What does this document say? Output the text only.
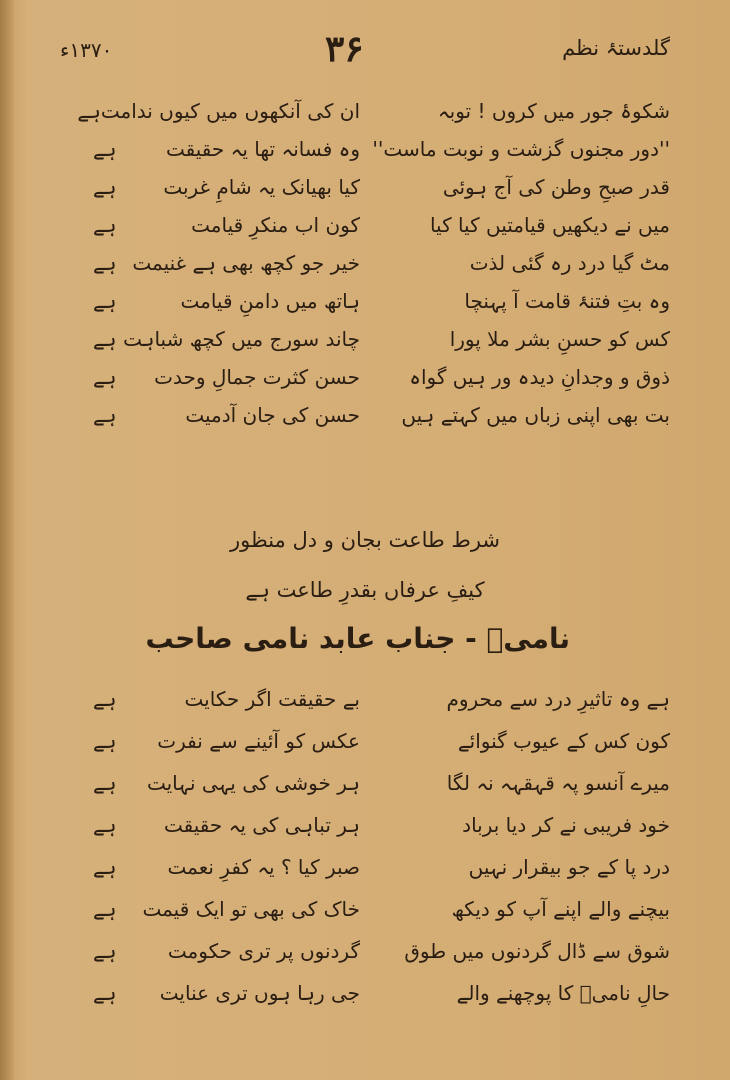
گلدستۂ نظم
۳۶
۱۳۷۰ء
شکوۂ جور میں کروں ! توبہ
''دور مجنوں گزشت و نوبت ماست''
قدر صبحِ وطن کی آج ہوئی
میں نے دیکھیں قیامتیں کیا کیا
مٹ گیا درد رہ گئی لذت
وہ بتِ فتنۂ قامت آ پہنچا
کس کو حسنِ بشر ملا پورا
ذوق و وجدانِ دیدہ ور ہیں گواہ
بت بھی اپنی زباں میں کہتے ہیں
ان کی آنکھوں میں کیوں ندامت
ہے
وہ فسانہ تھا یہ حقیقت
ہے
کیا بھیانک یہ شامِ غربت
ہے
کون اب منکرِ قیامت
ہے
خیر جو کچھ بھی ہے غنیمت
ہے
ہاتھ میں دامنِ قیامت
ہے
چاند سورج میں کچھ شباہت
ہے
حسن کثرت جمالِ وحدت
ہے
حسن کی جان آدمیت
ہے
شرط طاعت بجان و دل منظور
کیفِ عرفاں بقدرِ طاعت ہے
نامیؔ - جناب عابد نامی صاحب
ہے وہ تاثیرِ درد سے محروم
کون کس کے عیوب گنوائے
میرے آنسو پہ قہقہہ نہ لگا
خود فریبی نے کر دیا برباد
درد پا کے جو بیقرار نہیں
بیچنے والے اپنے آپ کو دیکھ
شوق سے ڈال گردنوں میں طوق
حالِ نامیؔ کا پوچھنے والے
بے حقیقت اگر حکایت
ہے
عکس کو آئینے سے نفرت
ہے
ہر خوشی کی یہی نہایت
ہے
ہر تباہی کی یہ حقیقت
ہے
صبر کیا ؟ یہ کفرِ نعمت
ہے
خاک کی بھی تو ایک قیمت
ہے
گردنوں پر تری حکومت
ہے
جی رہا ہوں تری عنایت
ہے
